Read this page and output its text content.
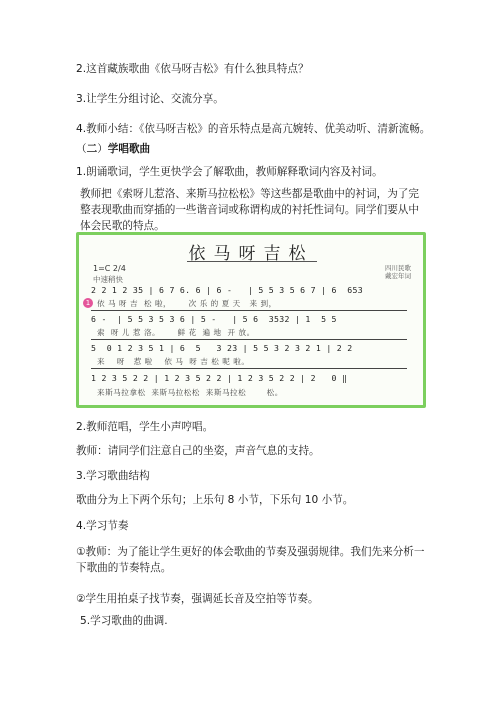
2.这首藏族歌曲《依马呀吉松》有什么独具特点？
3.让学生分组讨论、交流分享。
4.教师小结：《依马呀吉松》的音乐特点是高亢婉转、优美动听、清新流畅。
（二）学唱歌曲
1.朗诵歌词，学生更快学会了解歌曲，教师解释歌词内容及衬词。
教师把《索呀儿惹洛、来斯马拉松松》等这些都是歌曲中的衬词，为了完整表现歌曲而穿插的一些谐音词或称谓构成的衬托性词句。同学们要从中体会民歌的特点。
依马呀吉松
1=C 2/4
中速稍快
四川民歌
戴宏年词
2 2 1 2 35 | 6 7 6. 6 | 6 -   | 5 5 3 5 6 7 | 6  653
1 依 马 呀 吉  松 啦，      次 乐 的 夏 天   来 到，
6 -  | 5 5 3 5 3 6 | 5 -   | 5 6  3532 | 1  5 5
索  呀 儿 惹 洛。      鲜 花  遍 地  开 放。
5  0 1 2 3 5 1 | 6  5   3 23 | 5 5 3 2 3 2 1 | 2 2
来    呀   惹 啦    依 马  呀 吉 松 呢 啦。
1 2 3 5 2 2 | 1 2 3 5 2 2 | 1 2 3 5 2 2 | 2   0 ‖
来斯马拉拿松  来斯马拉松松  来斯马拉松       松。
2.教师范唱，学生小声哼唱。
教师：请同学们注意自己的坐姿，声音气息的支持。
3.学习歌曲结构
歌曲分为上下两个乐句；上乐句 8 小节，下乐句 10 小节。
4.学习节奏
①教师：为了能让学生更好的体会歌曲的节奏及强弱规律。我们先来分析一下歌曲的节奏特点。
②学生用拍桌子找节奏，强调延长音及空拍等节奏。
5.学习歌曲的曲调.
